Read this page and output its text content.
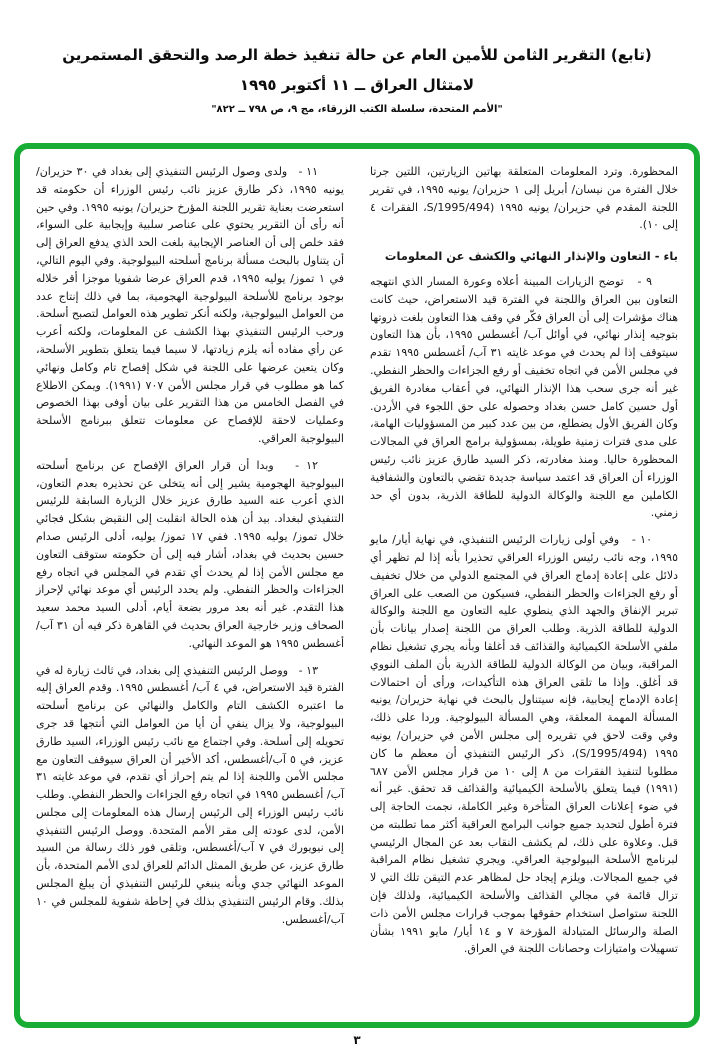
(تابع) التقرير الثامن للأمين العام عن حالة تنفيذ خطة الرصد والتحقق المستمرين
لامتثال العراق ــ ١١ أكتوبر ١٩٩٥
"الأمم المتحدة، سلسلة الكتب الزرقاء، مج ٩، ص ٧٩٨ ــ ٨٢٢"

المحظورة. وترد المعلومات المتعلقة بهاتين الزيارتين، اللتين جرتا خلال الفترة من نيسان/ أبريل إلى ١ حزيران/ يونيه ١٩٩٥، في تقرير اللجنة المقدم في حزيران/ يونيه ١٩٩٥ (S/1995/494، الفقرات ٤ إلى ١٠).

باء - التعاون والإنذار النهائي والكشف عن المعلومات

٩ -   توضح الزيارات المبينة أعلاه وعورة المسار الذي انتهجه التعاون بين العراق واللجنة في الفترة قيد الاستعراض، حيث كانت هناك مؤشرات إلى أن العراق فكّر في وقف هذا التعاون بلغت ذروتها بتوجيه إنذار نهائي، في أوائل آب/ أغسطس ١٩٩٥، بأن هذا التعاون سيتوقف إذا لم يحدث في موعد غايته ٣١ آب/ أغسطس ١٩٩٥ تقدم في مجلس الأمن في اتجاه تخفيف أو رفع الجزاءات والحظر النفطي. غير أنه جرى سحب هذا الإنذار النهائي، في أعقاب مغادرة الفريق أول حسين كامل حسن بغداد وحصوله على حق اللجوء في الأردن. وكان الفريق الأول يضطلع، من بين عدد كبير من المسؤوليات الهامة، على مدى فترات زمنية طويلة، بمسؤولية برامج العراق في المجالات المحظورة حاليا. ومنذ مغادرته، ذكر السيد طارق عزيز نائب رئيس الوزراء أن العراق قد اعتمد سياسة جديدة تقضي بالتعاون والشفافية الكاملين مع اللجنة والوكالة الدولية للطاقة الذرية، بدون أي حد زمني.

١٠ -   وفي أولى زيارات الرئيس التنفيذي، في نهاية أيار/ مايو ١٩٩٥، وجه نائب رئيس الوزراء العراقي تحذيرا بأنه إذا لم تظهر أي دلائل على إعادة إدماج العراق في المجتمع الدولي من خلال تخفيف أو رفع الجزاءات والحظر النفطي، فسيكون من الصعب على العراق تبرير الإنفاق والجهد الذي ينطوي عليه التعاون مع اللجنة والوكالة الدولية للطاقة الذرية. وطلب العراق من اللجنة إصدار بيانات بأن ملفي الأسلحة الكيميائية والقذائف قد أغلقا وبأنه يجري تشغيل نظام المراقبة، وبيان من الوكالة الدولية للطاقة الذرية بأن الملف النووي قد أغلق. وإذا ما تلقى العراق هذه التأكيدات، ورأى أن احتمالات إعادة الإدماج إيجابية، فإنه سيتناول بالبحث في نهاية حزيران/ يونيه المسألة المهمة المعلقة، وهي المسألة البيولوجية. وردا على ذلك، وفي وقت لاحق في تقريره إلى مجلس الأمن في حزيران/ يونيه ١٩٩٥ (S/1995/494)، ذكر الرئيس التنفيذي أن معظم ما كان مطلوبا لتنفيذ الفقرات من ٨ إلى ١٠ من قرار مجلس الأمن ٦٨٧ (١٩٩١) فيما يتعلق بالأسلحة الكيميائية والقذائف قد تحقق. غير أنه في ضوء إعلانات العراق المتأخرة وغير الكاملة، نجمت الحاجة إلى فترة أطول لتحديد جميع جوانب البرامج العراقية أكثر مما تطلبته من قبل. وعلاوة على ذلك، لم يكشف النقاب بعد عن المجال الرئيسي لبرنامج الأسلحة البيولوجية العراقي. ويجري تشغيل نظام المراقبة في جميع المجالات. ويلزم إيجاد حل لمظاهر عدم التيقن تلك التي لا تزال قائمة في مجالي القذائف والأسلحة الكيميائية، ولذلك فإن اللجنة ستواصل استخدام حقوقها بموجب قرارات مجلس الأمن ذات الصلة والرسائل المتبادلة المؤرخة ٧ و ١٤ أيار/ مايو ١٩٩١ بشأن تسهيلات وامتيازات وحصانات اللجنة في العراق.

١١ -   ولدى وصول الرئيس التنفيذي إلى بغداد في ٣٠ حزيران/ يونيه ١٩٩٥، ذكر طارق عزيز نائب رئيس الوزراء أن حكومته قد استعرضت بعناية تقرير اللجنة المؤرخ حزيران/ يونيه ١٩٩٥. وفي حين أنه رأى أن التقرير يحتوي على عناصر سلبية وإيجابية على السواء، فقد خلص إلى أن العناصر الإيجابية بلغت الحد الذي يدفع العراق إلى أن يتناول بالبحث مسألة برنامج أسلحته البيولوجية. وفي اليوم التالي، في ١ تموز/ يوليه ١٩٩٥، قدم العراق عرضا شفويا موجزا أقر خلاله بوجود برنامج للأسلحة البيولوجية الهجومية، بما في ذلك إنتاج عدد من العوامل البيولوجية، ولكنه أنكر تطوير هذه العوامل لتصبح أسلحة. ورحب الرئيس التنفيذي بهذا الكشف عن المعلومات، ولكنه أعرب عن رأي مفاده أنه يلزم زيادتها، لا سيما فيما يتعلق بتطوير الأسلحة، وكان يتعين عرضها على اللجنة في شكل إفصاح تام وكامل ونهائي كما هو مطلوب في قرار مجلس الأمن ٧٠٧ (١٩٩١). ويمكن الاطلاع في الفصل الخامس من هذا التقرير على بيان أوفى بهذا الخصوص وعمليات لاحقة للإفصاح عن معلومات تتعلق ببرنامج الأسلحة البيولوجية العراقي.

١٢ -   وبدا أن قرار العراق الإفصاح عن برنامج أسلحته البيولوجية الهجومية يشير إلى أنه يتخلى عن تحذيره بعدم التعاون، الذي أعرب عنه السيد طارق عزيز خلال الزيارة السابقة للرئيس التنفيذي لبغداد. بيد أن هذه الحالة انقلبت إلى النقيض بشكل فجائي خلال تموز/ يوليه ١٩٩٥. ففي ١٧ تموز/ يوليه، أدلى الرئيس صدام حسين بحديث في بغداد، أشار فيه إلى أن حكومته ستوقف التعاون مع مجلس الأمن إذا لم يحدث أي تقدم في المجلس في اتجاه رفع الجزاءات والحظر النفطي. ولم يحدد الرئيس أي موعد نهائي لإحراز هذا التقدم. غير أنه بعد مرور بضعة أيام، أدلى السيد محمد سعيد الصحاف وزير خارجية العراق بحديث في القاهرة ذكر فيه أن ٣١ آب/ أغسطس ١٩٩٥ هو الموعد النهائي.

١٣ -   ووصل الرئيس التنفيذي إلى بغداد، في ثالث زيارة له في الفترة قيد الاستعراض، في ٤ آب/ أغسطس ١٩٩٥. وقدم العراق إليه ما اعتبره الكشف التام والكامل والنهائي عن برنامج أسلحته البيولوجية، ولا يزال ينفي أن أيا من العوامل التي أنتجها قد جرى تحويله إلى أسلحة. وفي اجتماع مع نائب رئيس الوزراء، السيد طارق عزيز، في ٥ آب/أغسطس، أكد الأخير أن العراق سيوقف التعاون مع مجلس الأمن واللجنة إذا لم يتم إحراز أي تقدم، في موعد غايته ٣١ آب/ أغسطس ١٩٩٥ في اتجاه رفع الجزاءات والحظر النفطي. وطلب نائب رئيس الوزراء إلى الرئيس إرسال هذه المعلومات إلى مجلس الأمن، لدى عودته إلى مقر الأمم المتحدة. ووصل الرئيس التنفيذي إلى نيويورك في ٧ آب/أغسطس، وتلقى فور ذلك رسالة من السيد طارق عزيز، عن طريق الممثل الدائم للعراق لدى الأمم المتحدة، بأن الموعد النهائي جدي وبأنه ينبغي للرئيس التنفيذي أن يبلغ المجلس بذلك. وقام الرئيس التنفيذي بذلك في إحاطة شفوية للمجلس في ١٠ آب/أغسطس.

٣
